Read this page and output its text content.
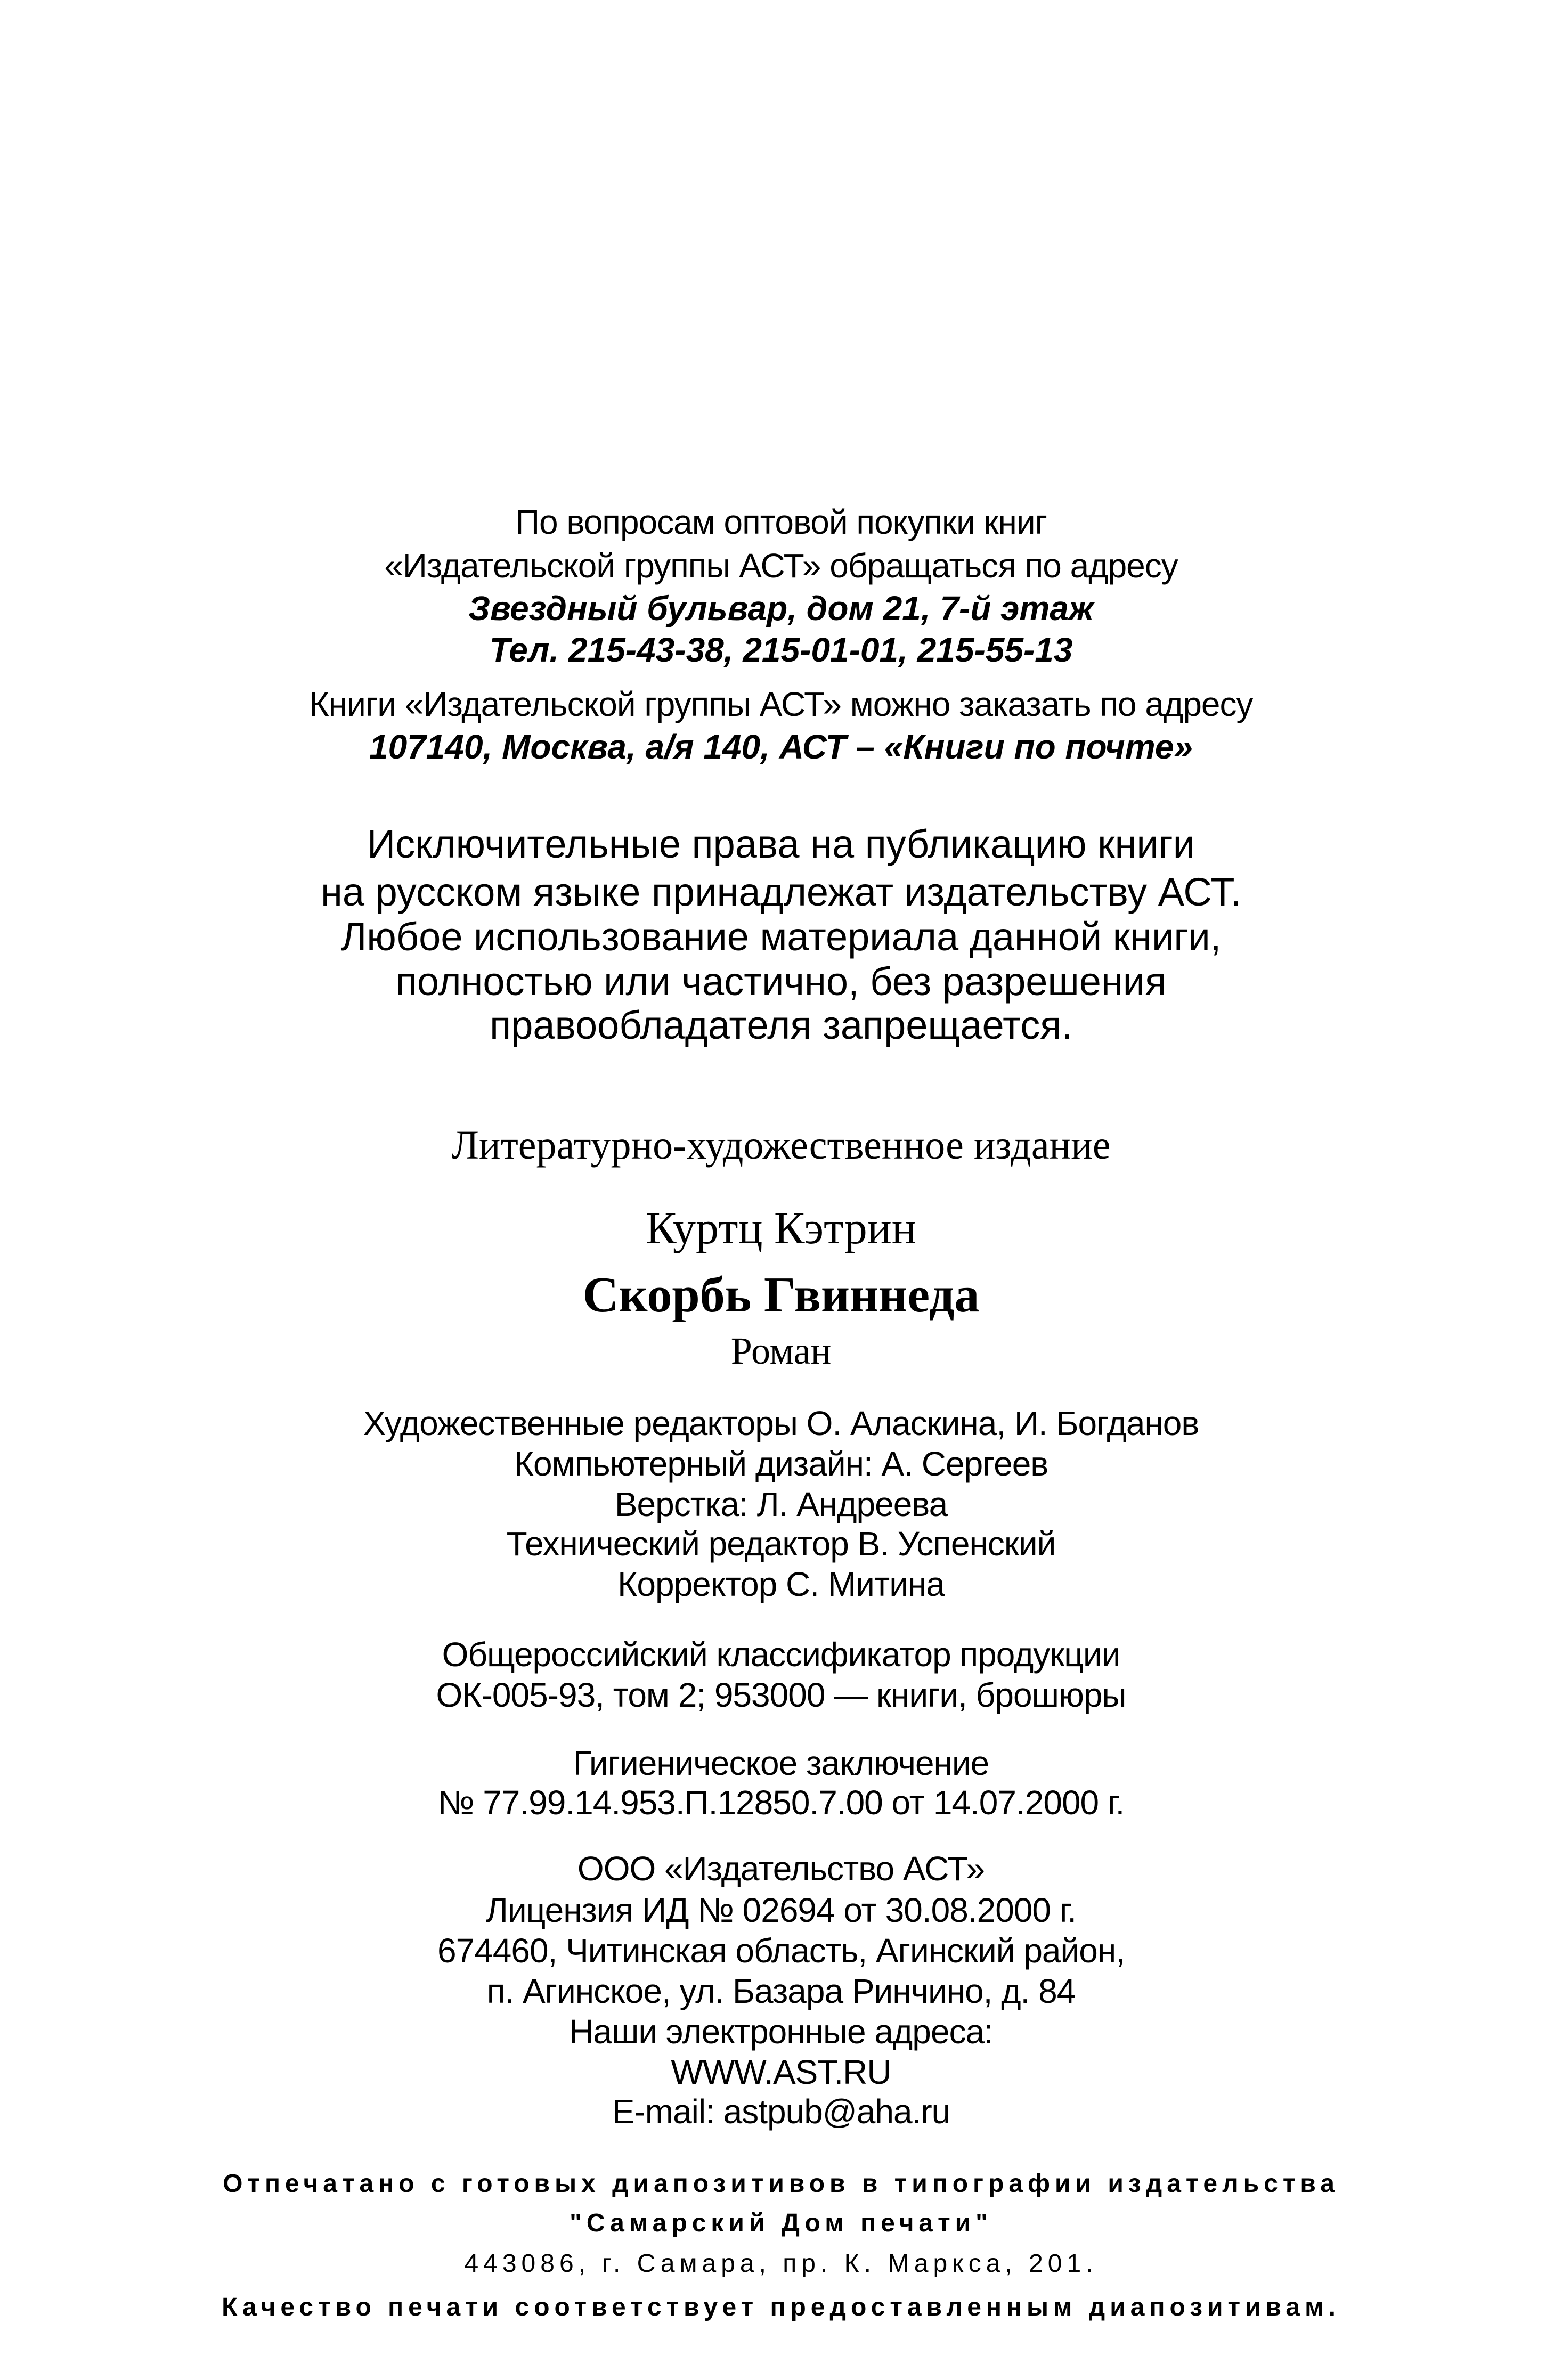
По вопросам оптовой покупки книг
«Издательской группы АСТ» обращаться по адресу
Звездный бульвар, дом 21, 7-й этаж
Тел. 215-43-38, 215-01-01, 215-55-13
Книги «Издательской группы АСТ» можно заказать по адресу
107140, Москва, а/я 140, АСТ – «Книги по почте»
Исключительные права на публикацию книги
на русском языке принадлежат издательству АСТ.
Любое использование материала данной книги,
полностью или частично, без разрешения
правообладателя запрещается.
Литературно-художественное издание
Куртц Кэтрин
Скорбь Гвиннеда
Роман
Художественные редакторы О. Аласкина, И. Богданов
Компьютерный дизайн: А. Сергеев
Верстка: Л. Андреева
Технический редактор В. Успенский
Корректор С. Митина
Общероссийский классификатор продукции
ОК-005-93, том 2; 953000 — книги, брошюры
Гигиеническое заключение
№ 77.99.14.953.П.12850.7.00 от 14.07.2000 г.
ООО «Издательство АСТ»
Лицензия ИД № 02694 от 30.08.2000 г.
674460, Читинская область, Агинский район,
п. Агинское, ул. Базара Ринчино, д. 84
Наши электронные адреса:
WWW.AST.RU
E-mail: astpub@aha.ru
Отпечатано с готовых диапозитивов в типографии издательства
"Самарский Дом печати"
443086, г. Самара, пр. К. Маркса, 201.
Качество печати соответствует предоставленным диапозитивам.
